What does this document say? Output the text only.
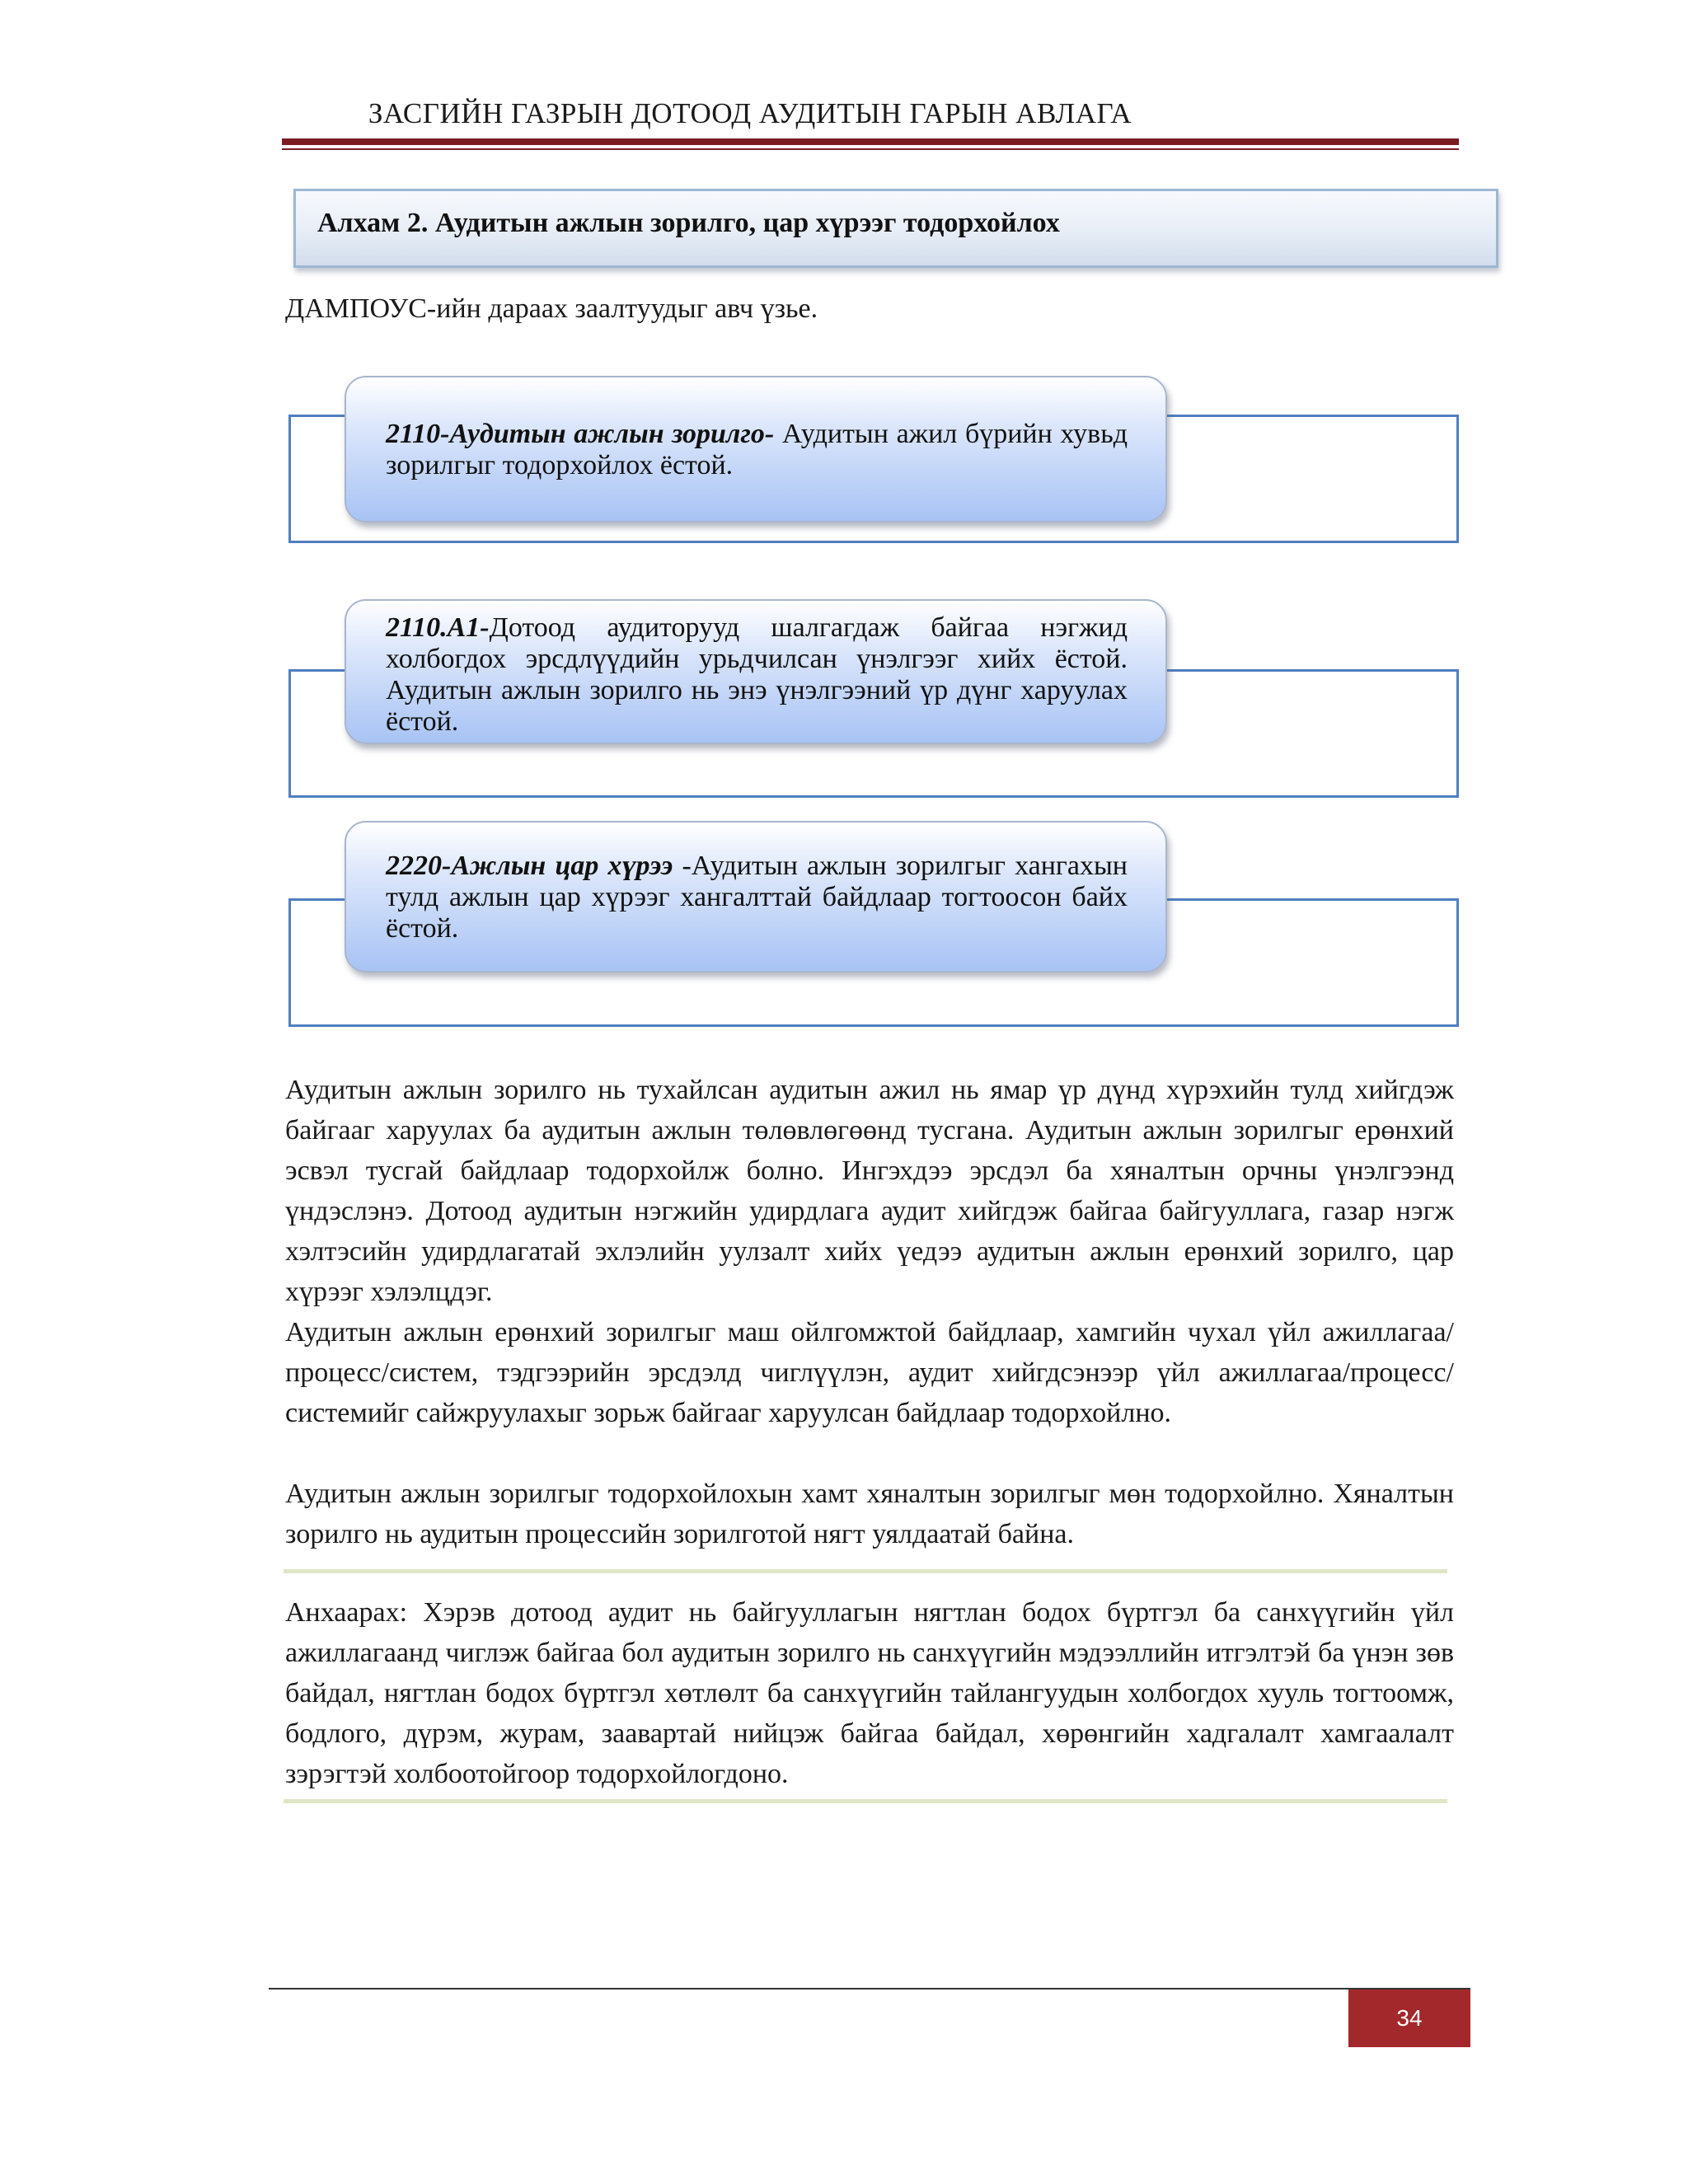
ЗАСГИЙН ГАЗРЫН ДОТООД АУДИТЫН ГАРЫН АВЛАГА
Алхам 2. Аудитын ажлын зорилго, цар хүрээг тодорхойлох
ДАМПОУС-ийн дараах заалтуудыг авч үзье.
2110-Аудитын ажлын зорилго- Аудитын ажил бүрийн хувьд зорилгыг тодорхойлох ёстой.
2110.А1-Дотоод аудиторууд шалгагдаж байгаа нэгжид холбогдох эрсдлүүдийн урьдчилсан үнэлгээг хийх ёстой. Аудитын ажлын зорилго нь энэ үнэлгээний үр дүнг харуулах ёстой.
2220-Ажлын цар хүрээ -Аудитын ажлын зорилгыг хангахын тулд ажлын цар хүрээг хангалттай байдлаар тогтоосон байх ёстой.
Аудитын ажлын зорилго нь тухайлсан аудитын ажил нь ямар үр дүнд хүрэхийн тулд хийгдэж байгааг харуулах ба аудитын ажлын төлөвлөгөөнд тусгана. Аудитын ажлын зорилгыг ерөнхий эсвэл тусгай байдлаар тодорхойлж болно. Ингэхдээ эрсдэл ба хяналтын орчны үнэлгээнд үндэслэнэ. Дотоод аудитын нэгжийн удирдлага аудит хийгдэж байгаа байгууллага, газар нэгж хэлтэсийн удирдлагатай эхлэлийн уулзалт хийх үедээ аудитын ажлын ерөнхий зорилго, цар хүрээг хэлэлцдэг.
Аудитын ажлын ерөнхий зорилгыг маш ойлгомжтой байдлаар, хамгийн чухал үйл ажиллагаа/процесс/систем, тэдгээрийн эрсдэлд чиглүүлэн, аудит хийгдсэнээр үйл ажиллагаа/процесс/системийг сайжруулахыг зорьж байгааг харуулсан байдлаар тодорхойлно.
Аудитын ажлын зорилгыг тодорхойлохын хамт хяналтын зорилгыг мөн тодорхойлно. Хяналтын зорилго нь аудитын процессийн зорилготой нягт уялдаатай байна.
Анхаарах: Хэрэв дотоод аудит нь байгууллагын нягтлан бодох бүртгэл ба санхүүгийн үйл ажиллагаанд чиглэж байгаа бол аудитын зорилго нь санхүүгийн мэдээллийн итгэлтэй ба үнэн зөв байдал, нягтлан бодох бүртгэл хөтлөлт ба санхүүгийн тайлангуудын холбогдох хууль тогтоомж, бодлого, дүрэм, журам, заавартай нийцэж байгаа байдал, хөрөнгийн хадгалалт хамгаалалт зэрэгтэй холбоотойгоор тодорхойлогдоно.
34
